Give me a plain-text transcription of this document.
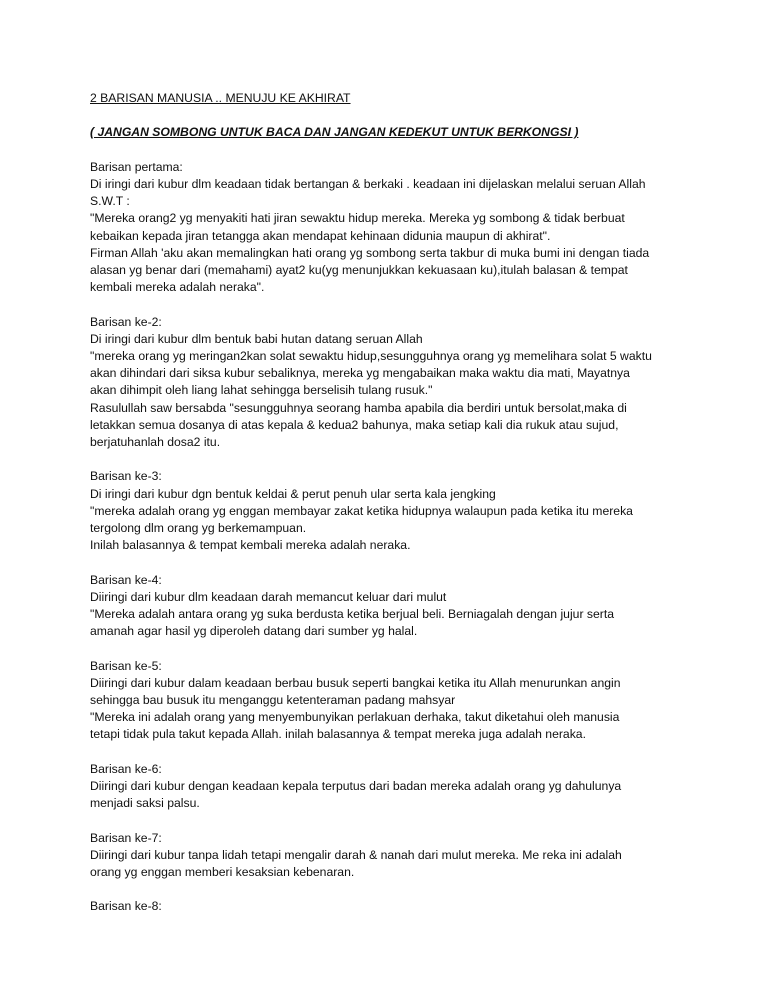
2 BARISAN MANUSIA .. MENUJU KE AKHIRAT
( JANGAN SOMBONG UNTUK BACA DAN JANGAN KEDEKUT UNTUK BERKONGSI )
Barisan pertama:
Di iringi dari kubur dlm keadaan tidak bertangan & berkaki . keadaan ini dijelaskan melalui seruan Allah
S.W.T :
"Mereka orang2 yg menyakiti hati jiran sewaktu hidup mereka. Mereka yg sombong & tidak berbuat
kebaikan kepada jiran tetangga akan mendapat kehinaan didunia maupun di akhirat".
Firman Allah 'aku akan memalingkan hati orang yg sombong serta takbur di muka bumi ini dengan tiada
alasan yg benar dari (memahami) ayat2 ku(yg menunjukkan kekuasaan ku),itulah balasan & tempat
kembali mereka adalah neraka".
Barisan ke-2:
Di iringi dari kubur dlm bentuk babi hutan datang seruan Allah
"mereka orang yg meringan2kan solat sewaktu hidup,sesungguhnya orang yg memelihara solat 5 waktu
akan dihindari dari siksa kubur sebaliknya, mereka yg mengabaikan maka waktu dia mati, Mayatnya
akan dihimpit oleh liang lahat sehingga berselisih tulang rusuk."
Rasulullah saw bersabda "sesungguhnya seorang hamba apabila dia berdiri untuk bersolat,maka di
letakkan semua dosanya di atas kepala & kedua2 bahunya, maka setiap kali dia rukuk atau sujud,
berjatuhanlah dosa2 itu.
Barisan ke-3:
Di iringi dari kubur dgn bentuk keldai & perut penuh ular serta kala jengking
"mereka adalah orang yg enggan membayar zakat ketika hidupnya walaupun pada ketika itu mereka
tergolong dlm orang yg berkemampuan.
Inilah balasannya & tempat kembali mereka adalah neraka.
Barisan ke-4:
Diiringi dari kubur dlm keadaan darah memancut keluar dari mulut
"Mereka adalah antara orang yg suka berdusta ketika berjual beli. Berniagalah dengan jujur serta
amanah agar hasil yg diperoleh datang dari sumber yg halal.
Barisan ke-5:
Diiringi dari kubur dalam keadaan berbau busuk seperti bangkai ketika itu Allah menurunkan angin
sehingga bau busuk itu menganggu ketenteraman padang mahsyar
"Mereka ini adalah orang yang menyembunyikan perlakuan derhaka, takut diketahui oleh manusia
tetapi tidak pula takut kepada Allah. inilah balasannya & tempat mereka juga adalah neraka.
Barisan ke-6:
Diiringi dari kubur dengan keadaan kepala terputus dari badan mereka adalah orang yg dahulunya
menjadi saksi palsu.
Barisan ke-7:
Diiringi dari kubur tanpa lidah tetapi mengalir darah & nanah dari mulut mereka. Me reka ini adalah
orang yg enggan memberi kesaksian kebenaran.
Barisan ke-8:
